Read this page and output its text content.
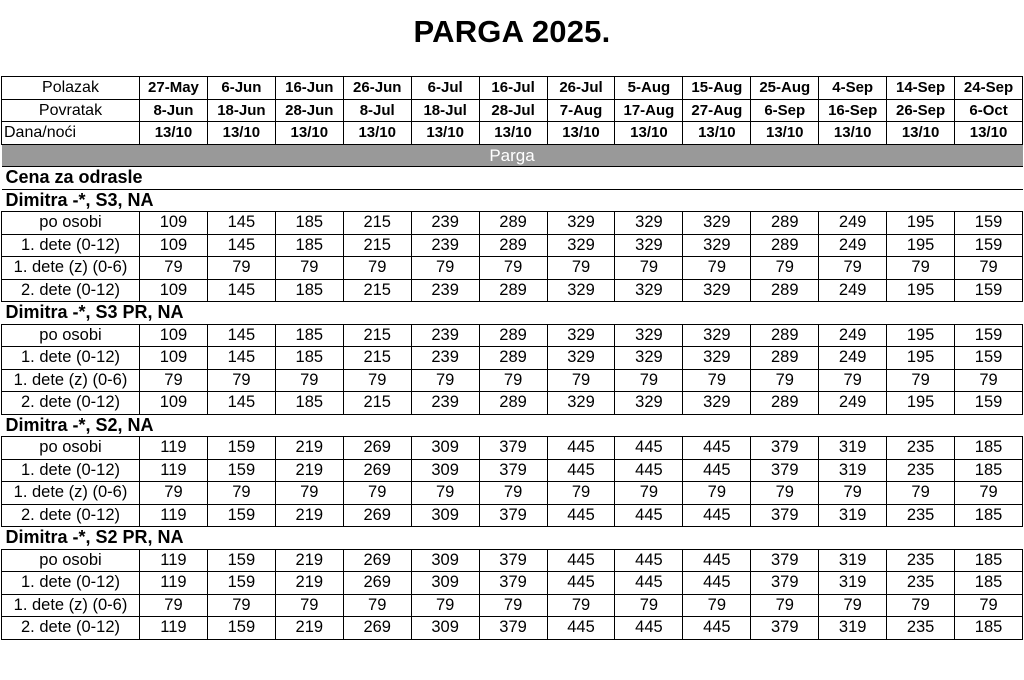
PARGA 2025.
Polazak	27-May	6-Jun	16-Jun	26-Jun	6-Jul	16-Jul	26-Jul	5-Aug	15-Aug	25-Aug	4-Sep	14-Sep	24-Sep
Povratak	8-Jun	18-Jun	28-Jun	8-Jul	18-Jul	28-Jul	7-Aug	17-Aug	27-Aug	6-Sep	16-Sep	26-Sep	6-Oct
Dana/noći	13/10	13/10	13/10	13/10	13/10	13/10	13/10	13/10	13/10	13/10	13/10	13/10	13/10
Parga													
Cena za odrasle													
Dimitra -*, S3, NA													
po osobi	109	145	185	215	239	289	329	329	329	289	249	195	159
1. dete (0-12)	109	145	185	215	239	289	329	329	329	289	249	195	159
1. dete (z) (0-6)	79	79	79	79	79	79	79	79	79	79	79	79	79
2. dete (0-12)	109	145	185	215	239	289	329	329	329	289	249	195	159
Dimitra -*, S3 PR, NA													
po osobi	109	145	185	215	239	289	329	329	329	289	249	195	159
1. dete (0-12)	109	145	185	215	239	289	329	329	329	289	249	195	159
1. dete (z) (0-6)	79	79	79	79	79	79	79	79	79	79	79	79	79
2. dete (0-12)	109	145	185	215	239	289	329	329	329	289	249	195	159
Dimitra -*, S2, NA													
po osobi	119	159	219	269	309	379	445	445	445	379	319	235	185
1. dete (0-12)	119	159	219	269	309	379	445	445	445	379	319	235	185
1. dete (z) (0-6)	79	79	79	79	79	79	79	79	79	79	79	79	79
2. dete (0-12)	119	159	219	269	309	379	445	445	445	379	319	235	185
Dimitra -*, S2 PR, NA													
po osobi	119	159	219	269	309	379	445	445	445	379	319	235	185
1. dete (0-12)	119	159	219	269	309	379	445	445	445	379	319	235	185
1. dete (z) (0-6)	79	79	79	79	79	79	79	79	79	79	79	79	79
2. dete (0-12)	119	159	219	269	309	379	445	445	445	379	319	235	185
